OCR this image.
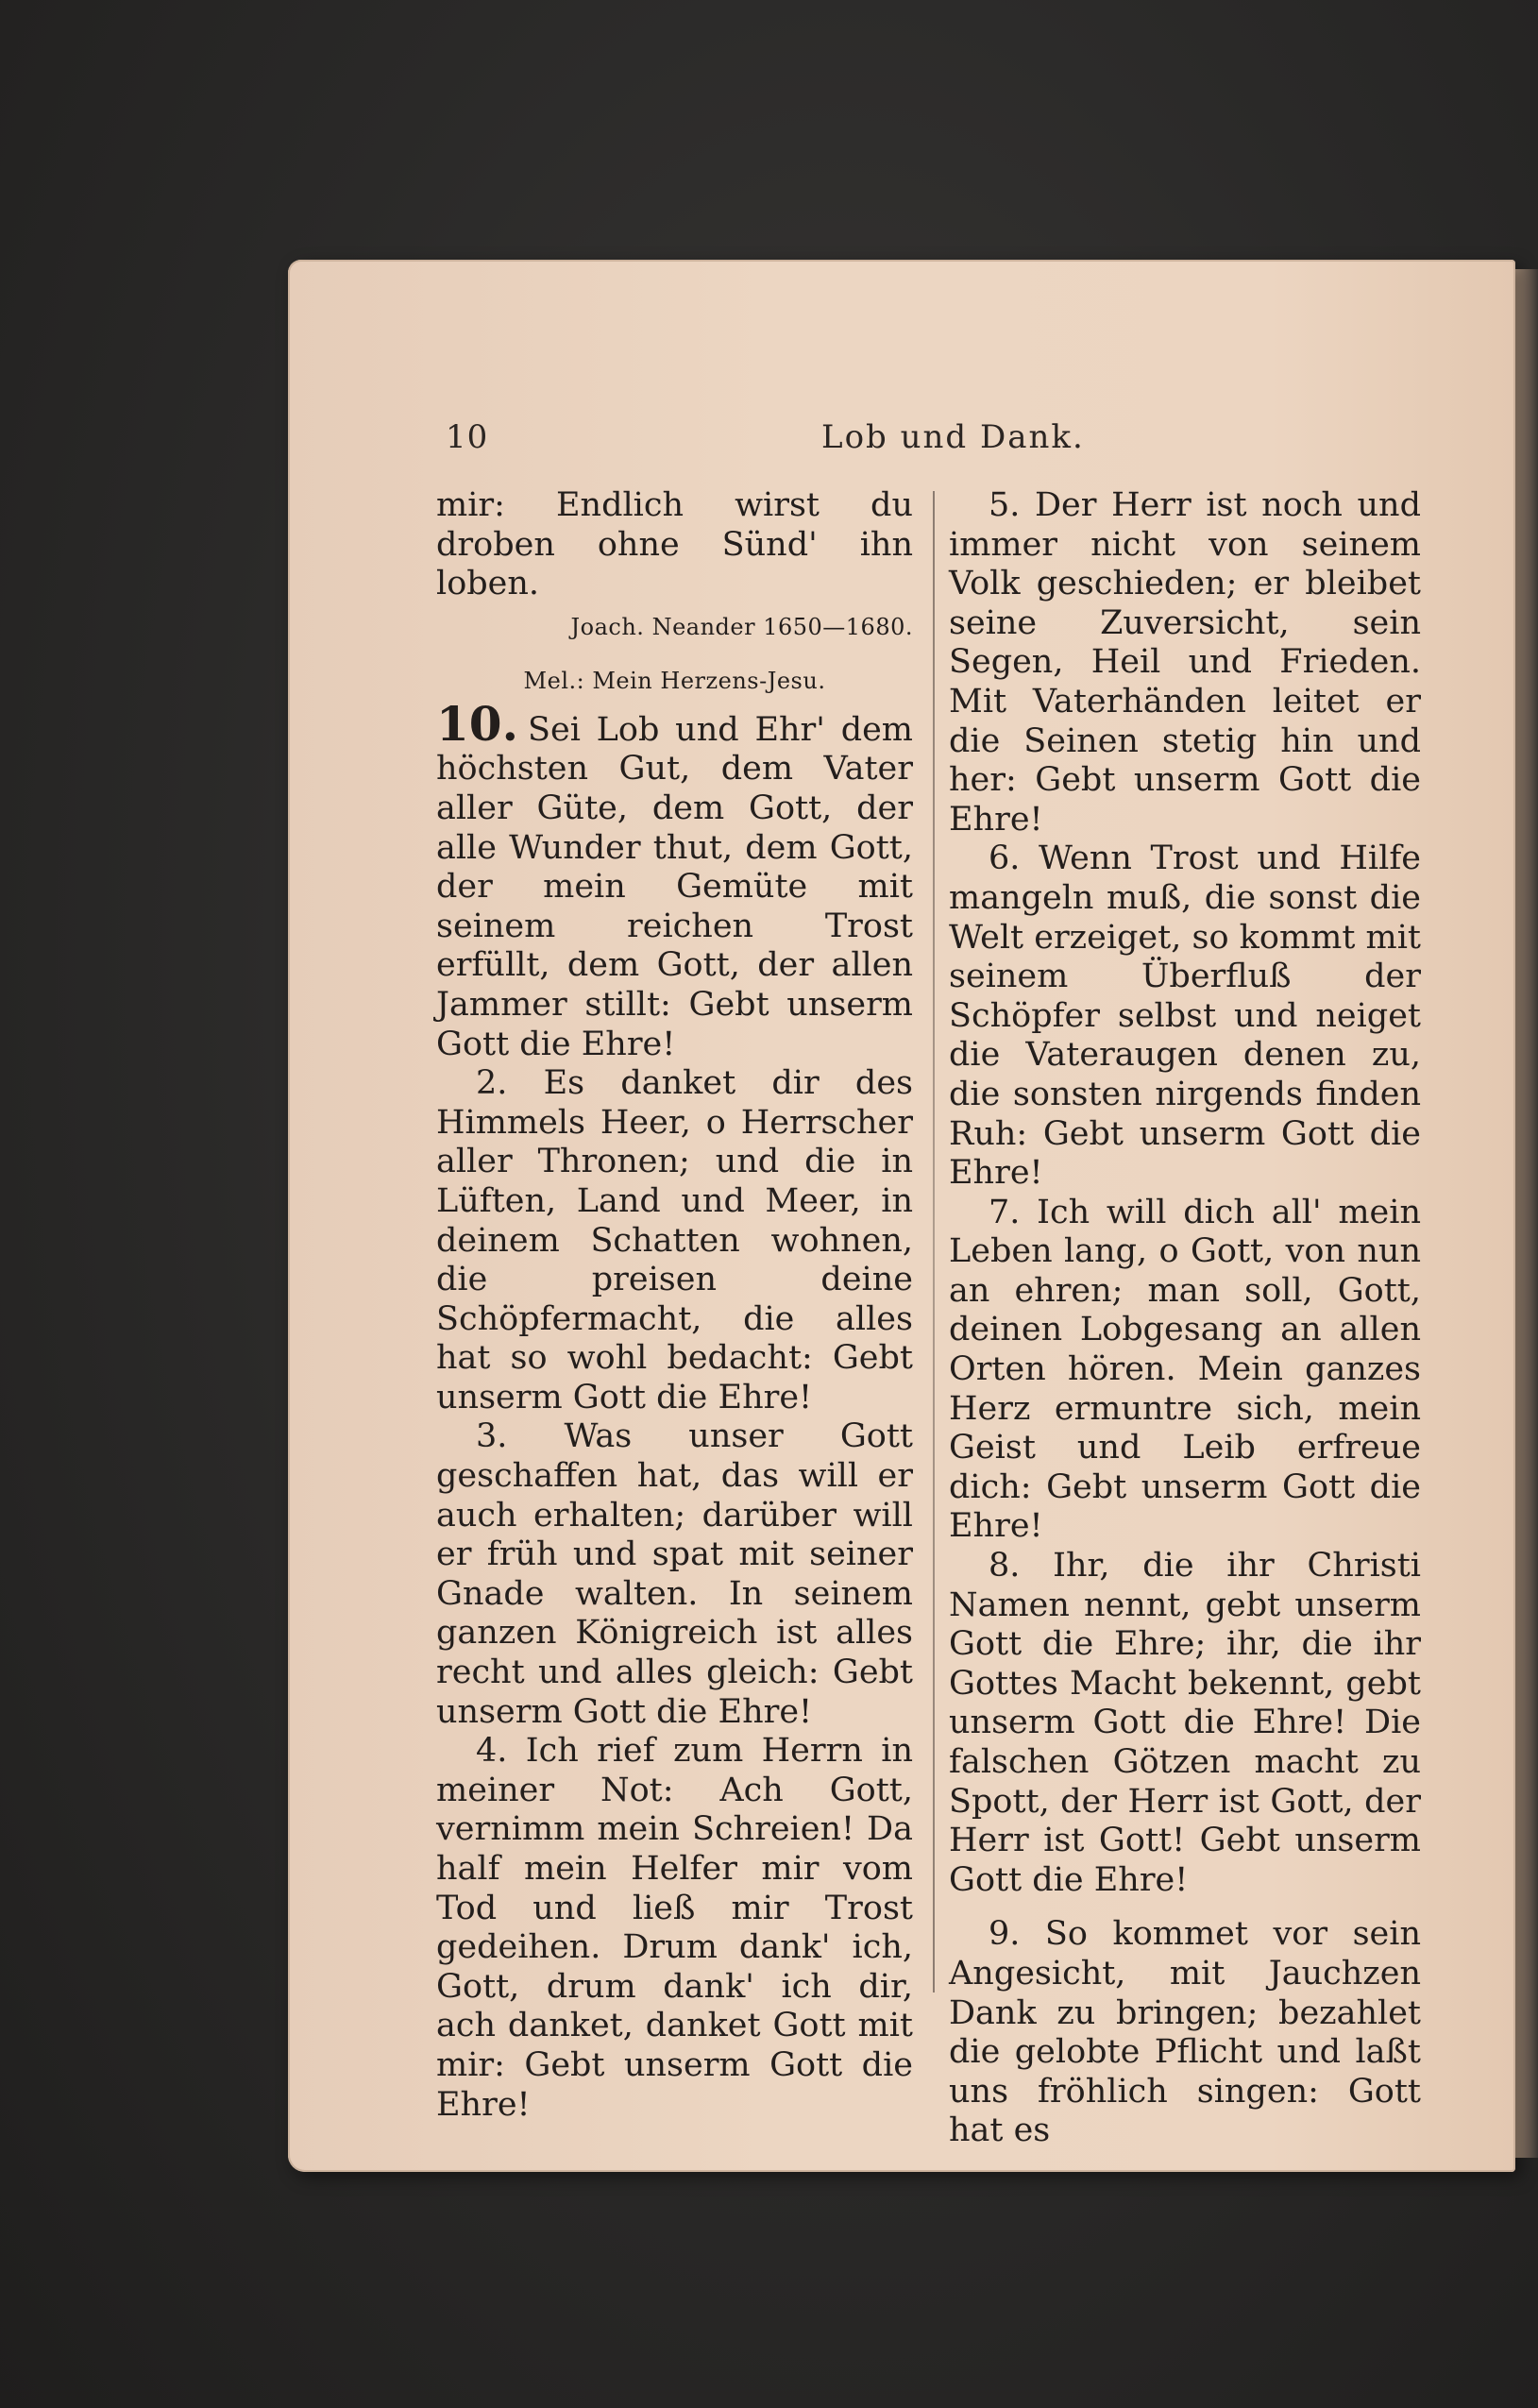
10	Lob und Dank.

mir: Endlich wirst du droben ohne Sünd' ihn loben.

Joach. Neander 1650—1680.
Mel.: Mein Herzens-Jesu.

10. Sei Lob und Ehr' dem höchsten Gut, dem Vater aller Güte, dem Gott, der alle Wunder thut, dem Gott, der mein Gemüte mit seinem reichen Trost erfüllt, dem Gott, der allen Jammer stillt: Gebt unserm Gott die Ehre!

2. Es danket dir des Himmels Heer, o Herrscher aller Thronen; und die in Lüften, Land und Meer, in deinem Schatten wohnen, die preisen deine Schöpfermacht, die alles hat so wohl bedacht: Gebt unserm Gott die Ehre!

3. Was unser Gott geschaffen hat, das will er auch erhalten; darüber will er früh und spat mit seiner Gnade walten. In seinem ganzen Königreich ist alles recht und alles gleich: Gebt unserm Gott die Ehre!

4. Ich rief zum Herrn in meiner Not: Ach Gott, vernimm mein Schreien! Da half mein Helfer mir vom Tod und ließ mir Trost gedeihen. Drum dank' ich, Gott, drum dank' ich dir, ach danket, danket Gott mit mir: Gebt unserm Gott die Ehre!

5. Der Herr ist noch und immer nicht von seinem Volk geschieden; er bleibet seine Zuversicht, sein Segen, Heil und Frieden. Mit Vaterhänden leitet er die Seinen stetig hin und her: Gebt unserm Gott die Ehre!

6. Wenn Trost und Hilfe mangeln muß, die sonst die Welt erzeiget, so kommt mit seinem Überfluß der Schöpfer selbst und neiget die Vateraugen denen zu, die sonsten nirgends finden Ruh: Gebt unserm Gott die Ehre!

7. Ich will dich all' mein Leben lang, o Gott, von nun an ehren; man soll, Gott, deinen Lobgesang an allen Orten hören. Mein ganzes Herz ermuntre sich, mein Geist und Leib erfreue dich: Gebt unserm Gott die Ehre!

8. Ihr, die ihr Christi Namen nennt, gebt unserm Gott die Ehre; ihr, die ihr Gottes Macht bekennt, gebt unserm Gott die Ehre! Die falschen Götzen macht zu Spott, der Herr ist Gott, der Herr ist Gott! Gebt unserm Gott die Ehre!

9. So kommet vor sein Angesicht, mit Jauchzen Dank zu bringen; bezahlet die gelobte Pflicht und laßt uns fröhlich singen: Gott hat es
